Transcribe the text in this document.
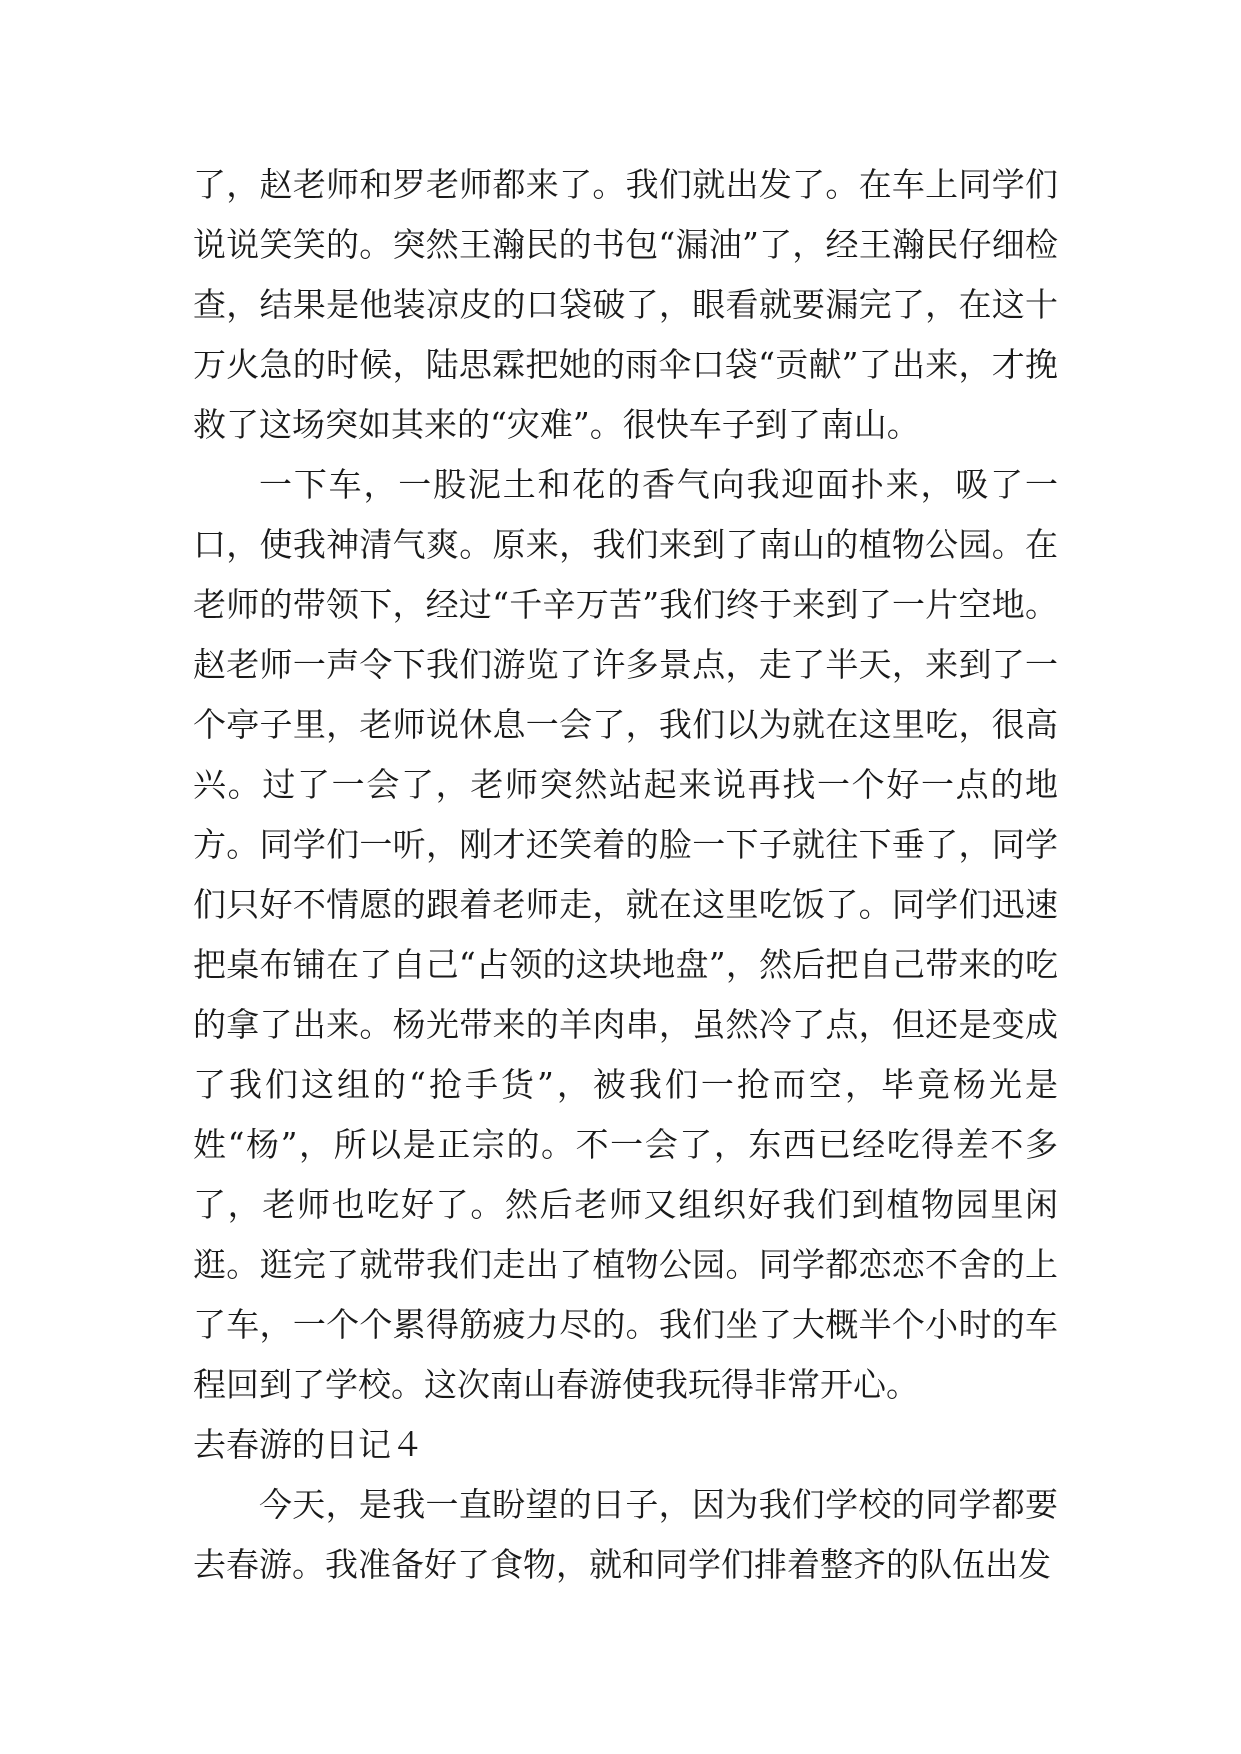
了，赵老师和罗老师都来了。我们就出发了。在车上同学们说说笑笑的。突然王瀚民的书包“漏油”了，经王瀚民仔细检查，结果是他装凉皮的口袋破了，眼看就要漏完了，在这十万火急的时候，陆思霖把她的雨伞口袋“贡献”了出来，才挽救了这场突如其来的“灾难”。很快车子到了南山。

一下车，一股泥土和花的香气向我迎面扑来，吸了一口，使我神清气爽。原来，我们来到了南山的植物公园。在老师的带领下，经过“千辛万苦”我们终于来到了一片空地。赵老师一声令下我们游览了许多景点，走了半天，来到了一个亭子里，老师说休息一会了，我们以为就在这里吃，很高兴。过了一会了，老师突然站起来说再找一个好一点的地方。同学们一听，刚才还笑着的脸一下子就往下垂了，同学们只好不情愿的跟着老师走，就在这里吃饭了。同学们迅速把桌布铺在了自己“占领的这块地盘”，然后把自己带来的吃的拿了出来。杨光带来的羊肉串，虽然冷了点，但还是变成了我们这组的“抢手货”，被我们一抢而空，毕竟杨光是姓“杨”，所以是正宗的。不一会了，东西已经吃得差不多了，老师也吃好了。然后老师又组织好我们到植物园里闲逛。逛完了就带我们走出了植物公园。同学都恋恋不舍的上了车，一个个累得筋疲力尽的。我们坐了大概半个小时的车程回到了学校。这次南山春游使我玩得非常开心。

去春游的日记４

今天，是我一直盼望的日子，因为我们学校的同学都要去春游。我准备好了食物，就和同学们排着整齐的队伍出发
